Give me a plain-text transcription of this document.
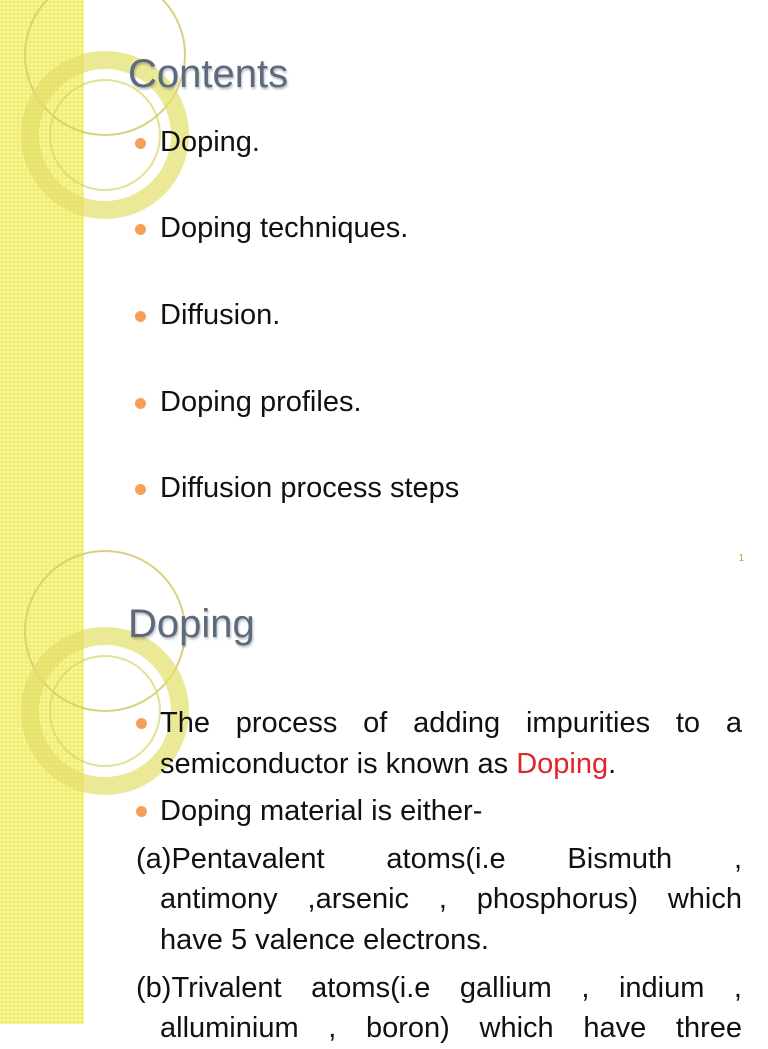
Contents
Doping.
Doping techniques.
Diffusion.
Doping profiles.
Diffusion process steps
1
Doping
The process of adding impurities to a
semiconductor is known as Doping.
Doping material is either-
(a)Pentavalent atoms(i.e Bismuth ,
antimony ,arsenic , phosphorus) which
have 5 valence electrons.
(b)Trivalent atoms(i.e gallium , indium ,
alluminium , boron) which have three
